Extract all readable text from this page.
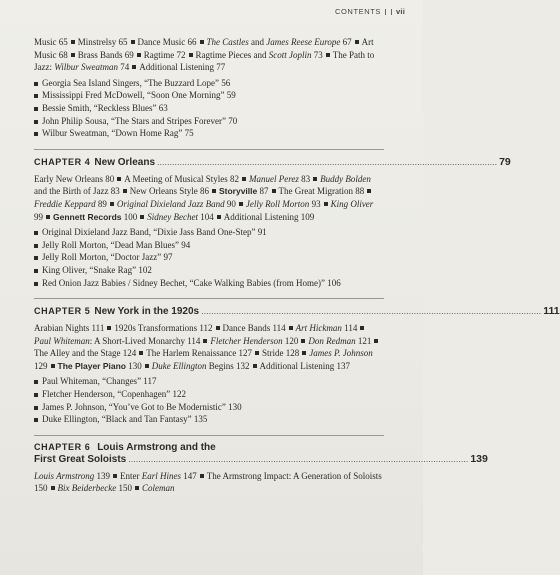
CONTENTS vii

Music 65 Minstrelsy 65 Dance Music 66 The Castles and James Reese Europe 67 Art Music 68 Brass Bands 69 Ragtime 72 Ragtime Pieces and Scott Joplin 73 The Path to Jazz: Wilbur Sweatman 74 Additional Listening 77

Georgia Sea Island Singers, “The Buzzard Lope” 56
Mississippi Fred McDowell, “Soon One Morning” 59
Bessie Smith, “Reckless Blues” 63
John Philip Sousa, “The Stars and Stripes Forever” 70
Wilbur Sweatman, “Down Home Rag” 75
CHAPTER 4 New Orleans .....	79

Early New Orleans 80 A Meeting of Musical Styles 82 Manuel Perez 83 Buddy Bolden and the Birth of Jazz 83 New Orleans Style 86 Storyville 87 The Great Migration 88Freddie Keppard 89 Original Dixieland Jazz Band 90 Jelly Roll Morton 93 King Oliver 99 Gennett Records 100 Sidney Bechet 104 Additional Listening 109

Original Dixieland Jazz Band, “Dixie Jass Band One-Step” 91
Jelly Roll Morton, “Dead Man Blues” 94
Jelly Roll Morton, “Doctor Jazz” 97
King Oliver, “Snake Rag” 102
Red Onion Jazz Babies / Sidney Bechet, “Cake Walking Babies (from Home)” 106
CHAPTER 5 New York in the 1920s .....	111

Arabian Nights 111 1920s Transformations 112 Dance Bands 114 Art Hickman 114Paul Whiteman: A Short-Lived Monarchy 114 Fletcher Henderson 120 Don Redman 121The Alley and the Stage 124 The Harlem Renaissance 127 Stride 128 James P. Johnson 129 The Player Piano 130 Duke Ellington Begins 132 Additional Listening 137

Paul Whiteman, “Changes” 117
Fletcher Henderson, “Copenhagen” 122
James P. Johnson, “You’ve Got to Be Modernistic” 130
Duke Ellington, “Black and Tan Fantasy” 135
CHAPTER 6 Louis Armstrong and the
First Great Soloists .....	139

Louis Armstrong 139 Enter Earl Hines 147 The Armstrong Impact: A Generation of Soloists 150 Bix Beiderbecke 150 Coleman
